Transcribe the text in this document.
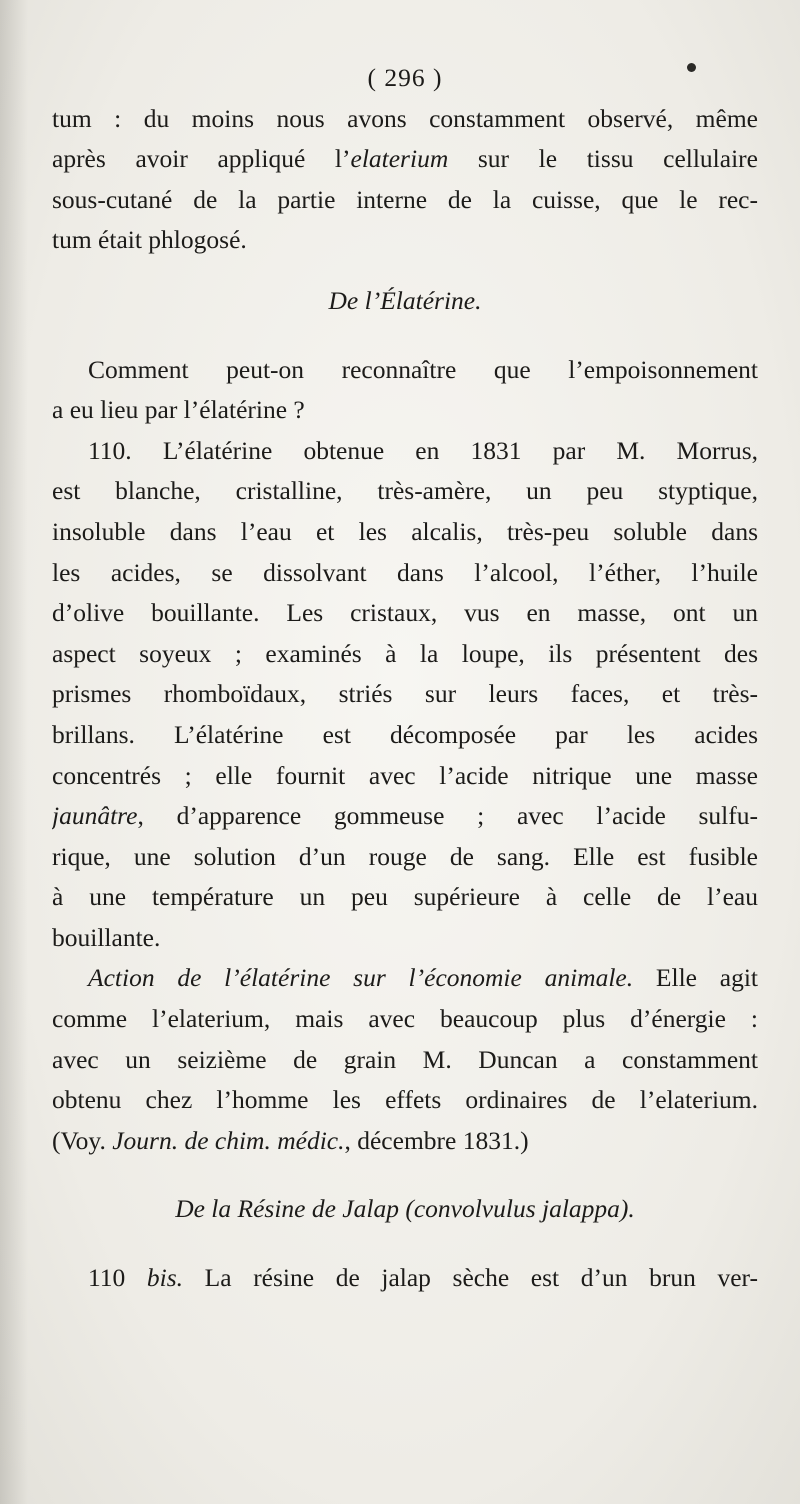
( 296 )
tum : du moins nous avons constamment observé, même
après avoir appliqué l’elaterium sur le tissu cellulaire
sous-cutané de la partie interne de la cuisse, que le rec-
tum était phlogosé.
De l’Élatérine.
Comment peut-on reconnaître que l’empoisonnement
a eu lieu par l’élatérine ?
110. L’élatérine obtenue en 1831 par M. Morrus,
est blanche, cristalline, très-amère, un peu styptique,
insoluble dans l’eau et les alcalis, très-peu soluble dans
les acides, se dissolvant dans l’alcool, l’éther, l’huile
d’olive bouillante. Les cristaux, vus en masse, ont un
aspect soyeux ; examinés à la loupe, ils présentent des
prismes rhomboïdaux, striés sur leurs faces, et très-
brillans. L’élatérine est décomposée par les acides
concentrés ; elle fournit avec l’acide nitrique une masse
jaunâtre, d’apparence gommeuse ; avec l’acide sulfu-
rique, une solution d’un rouge de sang. Elle est fusible
à une température un peu supérieure à celle de l’eau
bouillante.
Action de l’élatérine sur l’économie animale. Elle agit
comme l’elaterium, mais avec beaucoup plus d’énergie :
avec un seizième de grain M. Duncan a constamment
obtenu chez l’homme les effets ordinaires de l’elaterium.
(Voy. Journ. de chim. médic., décembre 1831.)
De la Résine de Jalap (convolvulus jalappa).
110 bis. La résine de jalap sèche est d’un brun ver-
